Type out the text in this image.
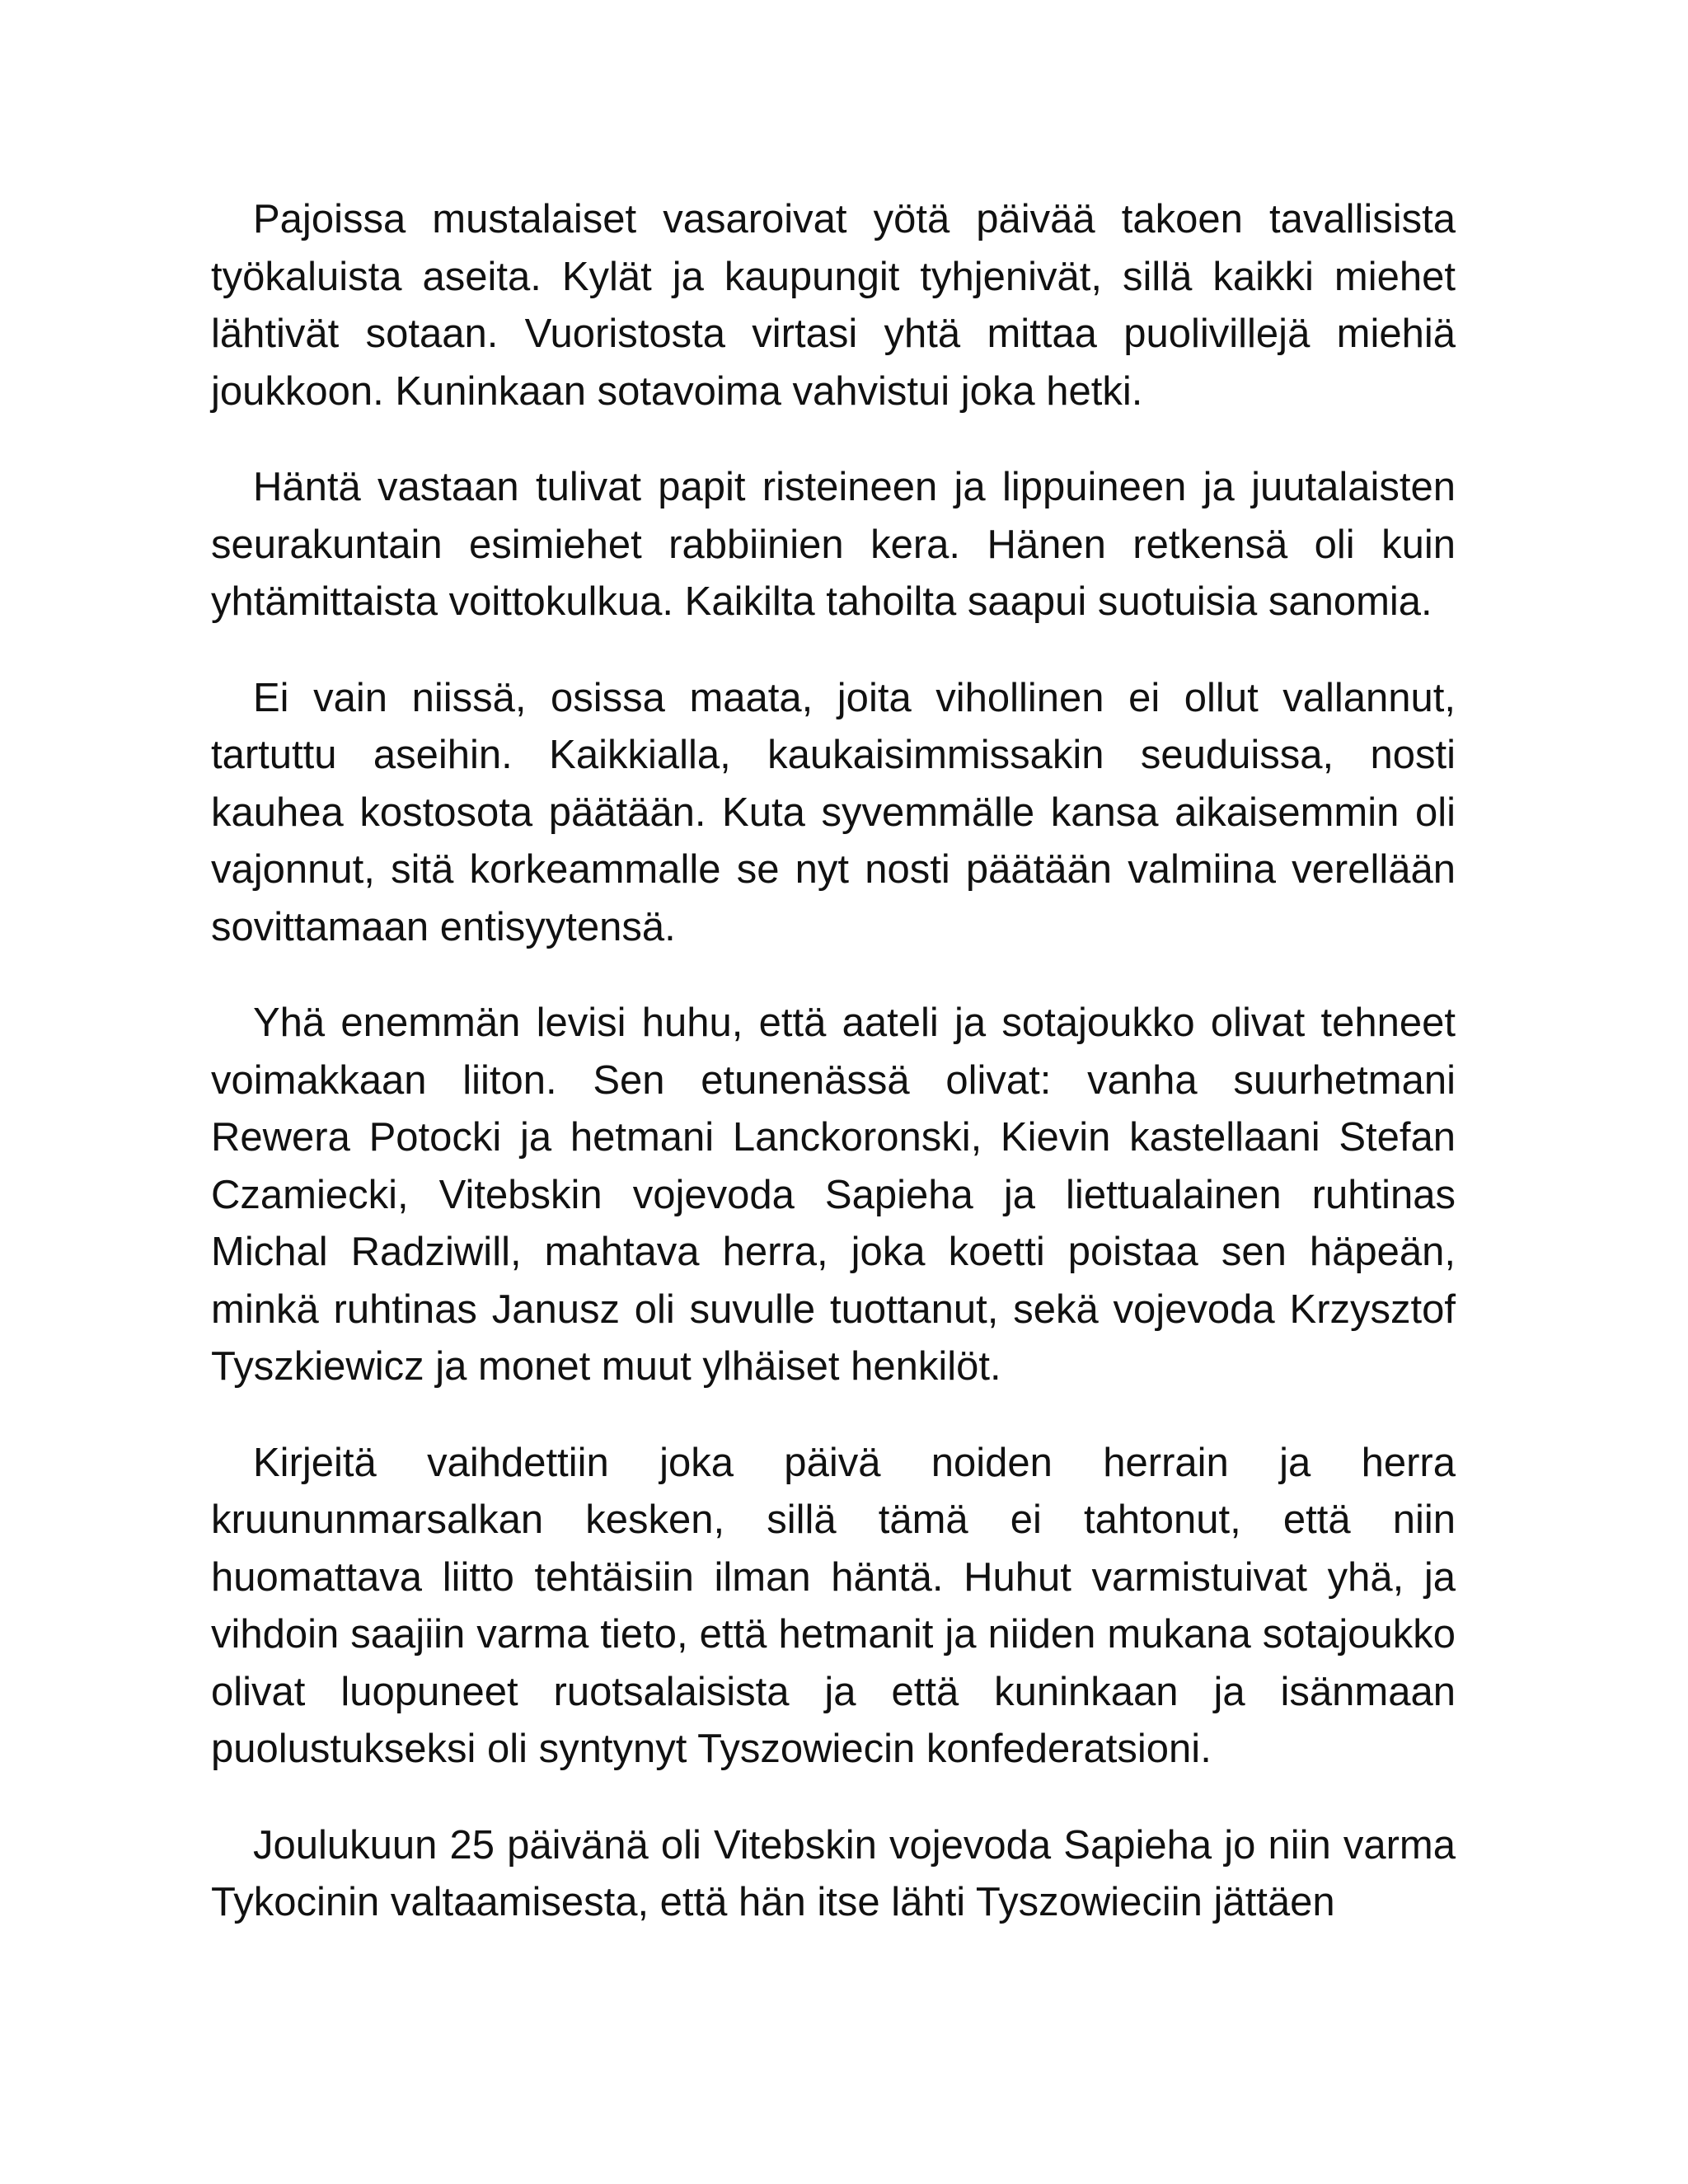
Pajoissa mustalaiset vasaroivat yötä päivää takoen tavallisista työkaluista aseita. Kylät ja kaupungit tyhjenivät, sillä kaikki miehet lähtivät sotaan. Vuoristosta virtasi yhtä mittaa puolivillejä miehiä joukkoon. Kuninkaan sotavoima vahvistui joka hetki.

Häntä vastaan tulivat papit risteineen ja lippuineen ja juutalaisten seurakuntain esimiehet rabbiinien kera. Hänen retkensä oli kuin yhtämittaista voittokulkua. Kaikilta tahoilta saapui suotuisia sanomia.

Ei vain niissä, osissa maata, joita vihollinen ei ollut vallannut, tartuttu aseihin. Kaikkialla, kaukaisimmissakin seuduissa, nosti kauhea kostosota päätään. Kuta syvemmälle kansa aikaisemmin oli vajonnut, sitä korkeammalle se nyt nosti päätään valmiina verellään sovittamaan entisyytensä.

Yhä enemmän levisi huhu, että aateli ja sotajoukko olivat tehneet voimakkaan liiton. Sen etunenässä olivat: vanha suurhetmani Rewera Potocki ja hetmani Lanckoronski, Kievin kastellaani Stefan Czamiecki, Vitebskin vojevoda Sapieha ja liettualainen ruhtinas Michal Radziwill, mahtava herra, joka koetti poistaa sen häpeän, minkä ruhtinas Janusz oli suvulle tuottanut, sekä vojevoda Krzysztof Tyszkiewicz ja monet muut ylhäiset henkilöt.

Kirjeitä vaihdettiin joka päivä noiden herrain ja herra kruununmarsalkan kesken, sillä tämä ei tahtonut, että niin huomattava liitto tehtäisiin ilman häntä. Huhut varmistuivat yhä, ja vihdoin saajiin varma tieto, että hetmanit ja niiden mukana sotajoukko olivat luopuneet ruotsalaisista ja että kuninkaan ja isänmaan puolustukseksi oli syntynyt Tyszowiecin konfederatsioni.

Joulukuun 25 päivänä oli Vitebskin vojevoda Sapieha jo niin varma Tykocinin valtaamisesta, että hän itse lähti Tyszowieciin jättäen
